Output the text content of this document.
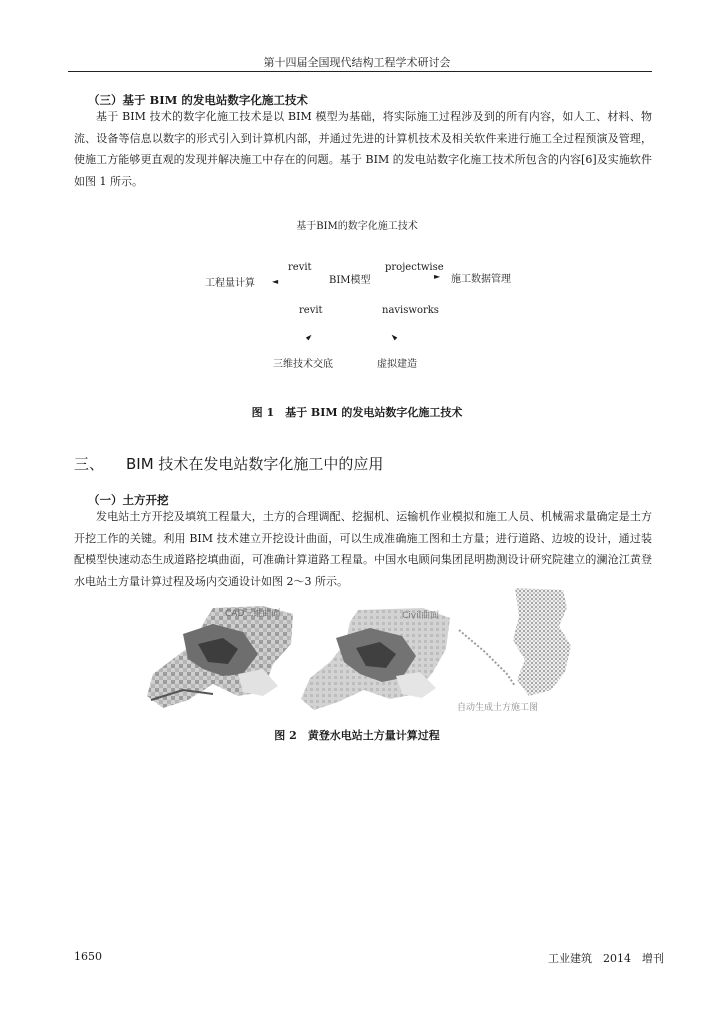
第十四届全国现代结构工程学术研讨会
（三）基于 BIM 的发电站数字化施工技术

基于 BIM 技术的数字化施工技术是以 BIM 模型为基础，将实际施工过程涉及到的所有内容，如人工、材料、物流、设备等信息以数字的形式引入到计算机内部，并通过先进的计算机技术及相关软件来进行施工全过程预演及管理，使施工方能够更直观的发现并解决施工中存在的问题。基于 BIM 的发电站数字化施工技术所包含的内容[6]及实施软件如图 1 所示。

基于BIM的数字化施工技术
revit	projectwise
工程量计算 ◄	BIM模型	► 施工数据管理
revit	navisworks
►	◄
三维技术交底	虚拟建造
图 1　基于 BIM 的发电站数字化施工技术
三、 BIM 技术在发电站数字化施工中的应用
（一）土方开挖

发电站土方开挖及填筑工程量大，土方的合理调配、挖掘机、运输机作业模拟和施工人员、机械需求量确定是土方开挖工作的关键。利用 BIM 技术建立开挖设计曲面，可以生成准确施工图和土方量；进行道路、边坡的设计，通过装配模型快速动态生成道路挖填曲面，可准确计算道路工程量。中国水电顾问集团昆明勘测设计研究院建立的澜沧江黄登水电站土方量计算过程及场内交通设计如图 2～3 所示。

CAD三维曲面	Civil曲面
自动生成土方施工图
图 2　黄登水电站土方量计算过程
1650	工业建筑　2014　增刊
